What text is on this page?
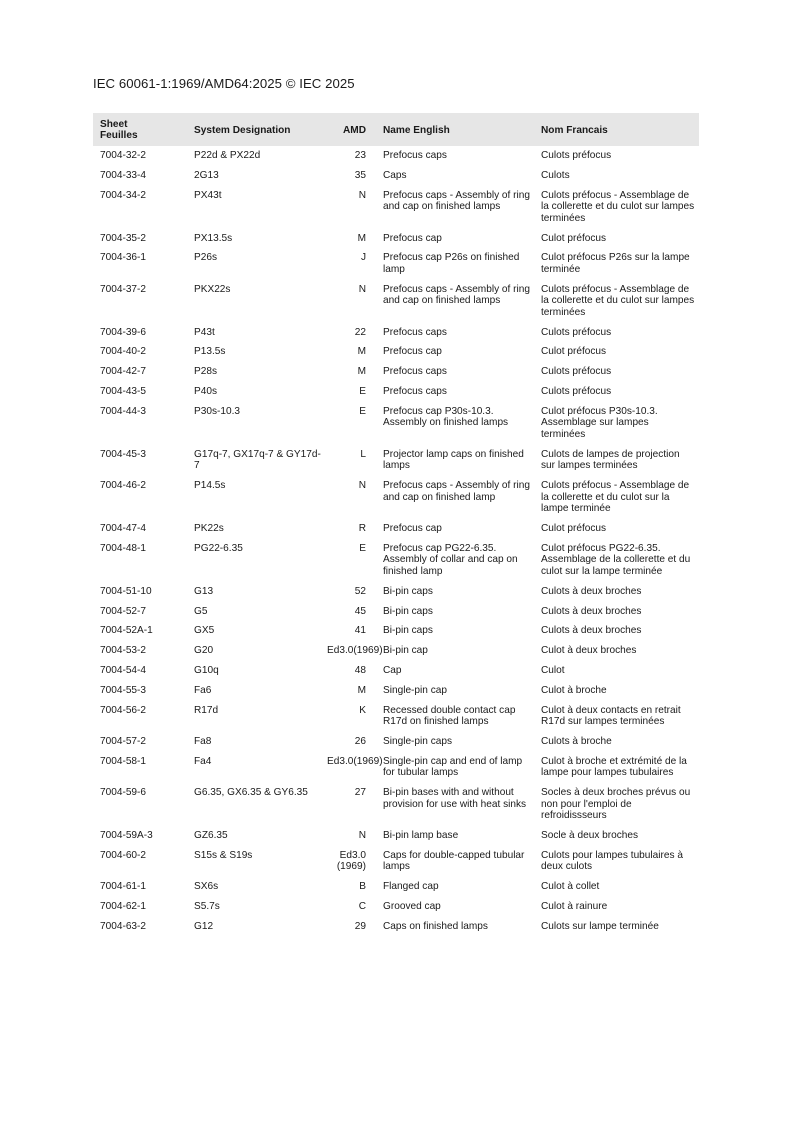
IEC 60061-1:1969/AMD64:2025 © IEC 2025
Sheet
Feuilles	System Designation	AMD	Name English	Nom Francais
7004-32-2	P22d & PX22d	23	Prefocus caps	Culots préfocus
7004-33-4	2G13	35	Caps	Culots
7004-34-2	PX43t	N	Prefocus caps - Assembly of ring and cap on finished lamps	Culots préfocus - Assemblage de la collerette et du culot sur lampes terminées
7004-35-2	PX13.5s	M	Prefocus cap	Culot préfocus
7004-36-1	P26s	J	Prefocus cap P26s on finished lamp	Culot préfocus P26s sur la lampe terminée
7004-37-2	PKX22s	N	Prefocus caps - Assembly of ring and cap on finished lamps	Culots préfocus - Assemblage de la collerette et du culot sur lampes terminées
7004-39-6	P43t	22	Prefocus caps	Culots préfocus
7004-40-2	P13.5s	M	Prefocus cap	Culot préfocus
7004-42-7	P28s	M	Prefocus caps	Culots préfocus
7004-43-5	P40s	E	Prefocus caps	Culots préfocus
7004-44-3	P30s-10.3	E	Prefocus cap P30s-10.3. Assembly on finished lamps	Culot préfocus P30s-10.3. Assemblage sur lampes terminées
7004-45-3	G17q-7, GX17q-7 & GY17d-7	L	Projector lamp caps on finished lamps	Culots de lampes de projection sur lampes terminées
7004-46-2	P14.5s	N	Prefocus caps - Assembly of ring and cap on finished lamp	Culots préfocus - Assemblage de la collerette et du culot sur la lampe terminée
7004-47-4	PK22s	R	Prefocus cap	Culot préfocus
7004-48-1	PG22-6.35	E	Prefocus cap PG22-6.35. Assembly of collar and cap on finished lamp	Culot préfocus PG22-6.35. Assemblage de la collerette et du culot sur la lampe terminée
7004-51-10	G13	52	Bi-pin caps	Culots à deux broches
7004-52-7	G5	45	Bi-pin caps	Culots à deux broches
7004-52A-1	GX5	41	Bi-pin caps	Culots à deux broches
7004-53-2	G20	Ed3.0(1969)	Bi-pin cap	Culot à deux broches
7004-54-4	G10q	48	Cap	Culot
7004-55-3	Fa6	M	Single-pin cap	Culot à broche
7004-56-2	R17d	K	Recessed double contact cap R17d on finished lamps	Culot à deux contacts en retrait R17d sur lampes terminées
7004-57-2	Fa8	26	Single-pin caps	Culots à broche
7004-58-1	Fa4	Ed3.0(1969)	Single-pin cap and end of lamp for tubular lamps	Culot à broche et extrémité de la lampe pour lampes tubulaires
7004-59-6	G6.35, GX6.35 & GY6.35	27	Bi-pin bases with and without provision for use with heat sinks	Socles à deux broches prévus ou non pour l'emploi de refroidissseurs
7004-59A-3	GZ6.35	N	Bi-pin lamp base	Socle à deux broches
7004-60-2	S15s & S19s	Ed3.0 (1969)	Caps for double-capped tubular lamps	Culots pour lampes tubulaires à deux culots
7004-61-1	SX6s	B	Flanged cap	Culot à collet
7004-62-1	S5.7s	C	Grooved cap	Culot à rainure
7004-63-2	G12	29	Caps on finished lamps	Culots sur lampe terminée
